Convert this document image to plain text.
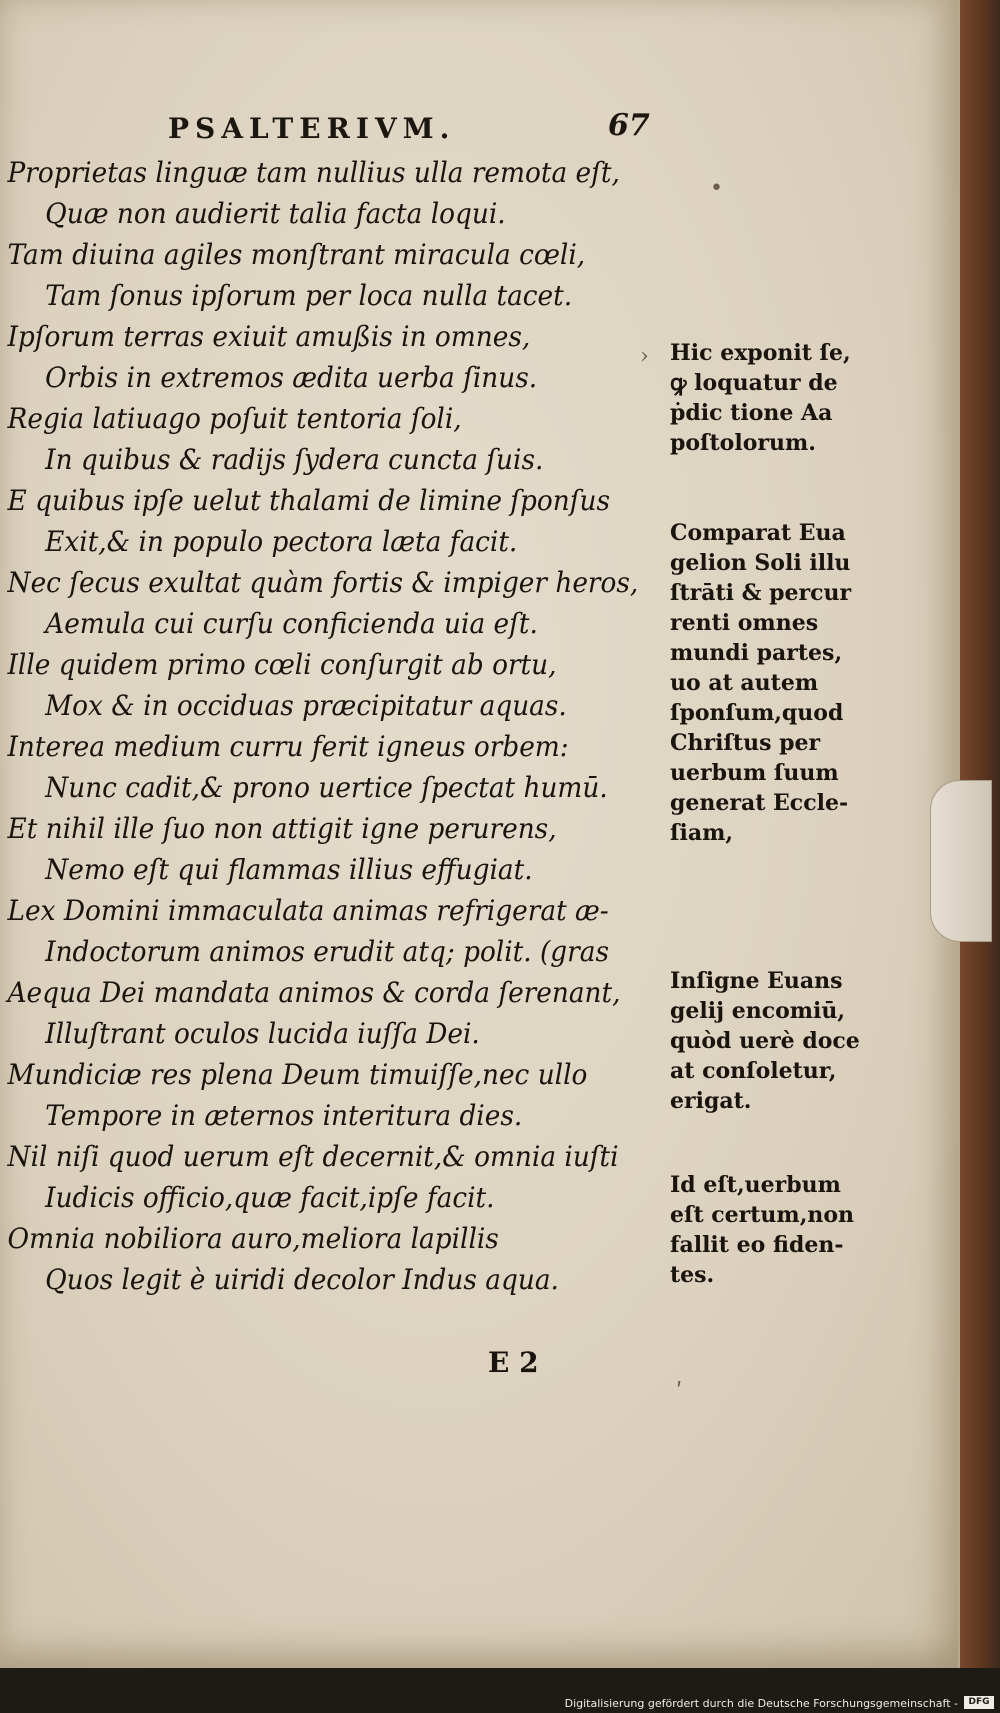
PSALTERIVM.	67
Proprietas linguæ tam nullius ulla remota eſt,
Quæ non audierit talia facta loqui.
Tam diuina agiles monſtrant miracula cœli,
Tam ſonus ipſorum per loca nulla tacet.
Ipſorum terras exiuit amußis in omnes,
Orbis in extremos ædita uerba ſinus.
Regia latiuago poſuit tentoria ſoli,
In quibus & radijs ſydera cuncta ſuis.
E quibus ipſe uelut thalami de limine ſponſus
Exit,& in populo pectora læta facit.
Nec ſecus exultat quàm fortis & impiger heros,
Aemula cui curſu conficienda uia eſt.
Ille quidem primo cœli conſurgit ab ortu,
Mox & in occiduas præcipitatur aquas.
Interea medium curru ferit igneus orbem:
Nunc cadit,& prono uertice ſpectat humū.
Et nihil ille ſuo non attigit igne perurens,
Nemo eſt qui flammas illius effugiat.
Lex Domini immaculata animas refrigerat æ-
Indoctorum animos erudit atq; polit. (gras
Aequa Dei mandata animos & corda ſerenant,
Illuſtrant oculos lucida iuſſa Dei.
Mundiciæ res plena Deum timuiſſe,nec ullo
Tempore in æternos interitura dies.
Nil niſi quod uerum eſt decernit,& omnia iuſti
Iudicis officio,quæ facit,ipſe facit.
Omnia nobiliora auro,meliora lapillis
Quos legit è uiridi decolor Indus aqua.
Hic exponit ſe,
ꝙ loquatur de
ṗdic tione Aa
poſtolorum.
Comparat Eua
gelion Soli illu
ſtrāti & percur
renti omnes
mundi partes,
uo at autem
ſponſum,quod
Chriſtus per
uerbum ſuum
generat Eccle-
ſiam,
Inſigne Euans
gelij encomiū,
quòd uerè doce
at conſoletur,
erigat.
Id eſt,uerbum
eſt certum,non
fallit eo fiden-
tes.
E 2
•
›
ʹ
Digitalisierung gefördert durch die Deutsche Forschungsgemeinschaft -	DFG
